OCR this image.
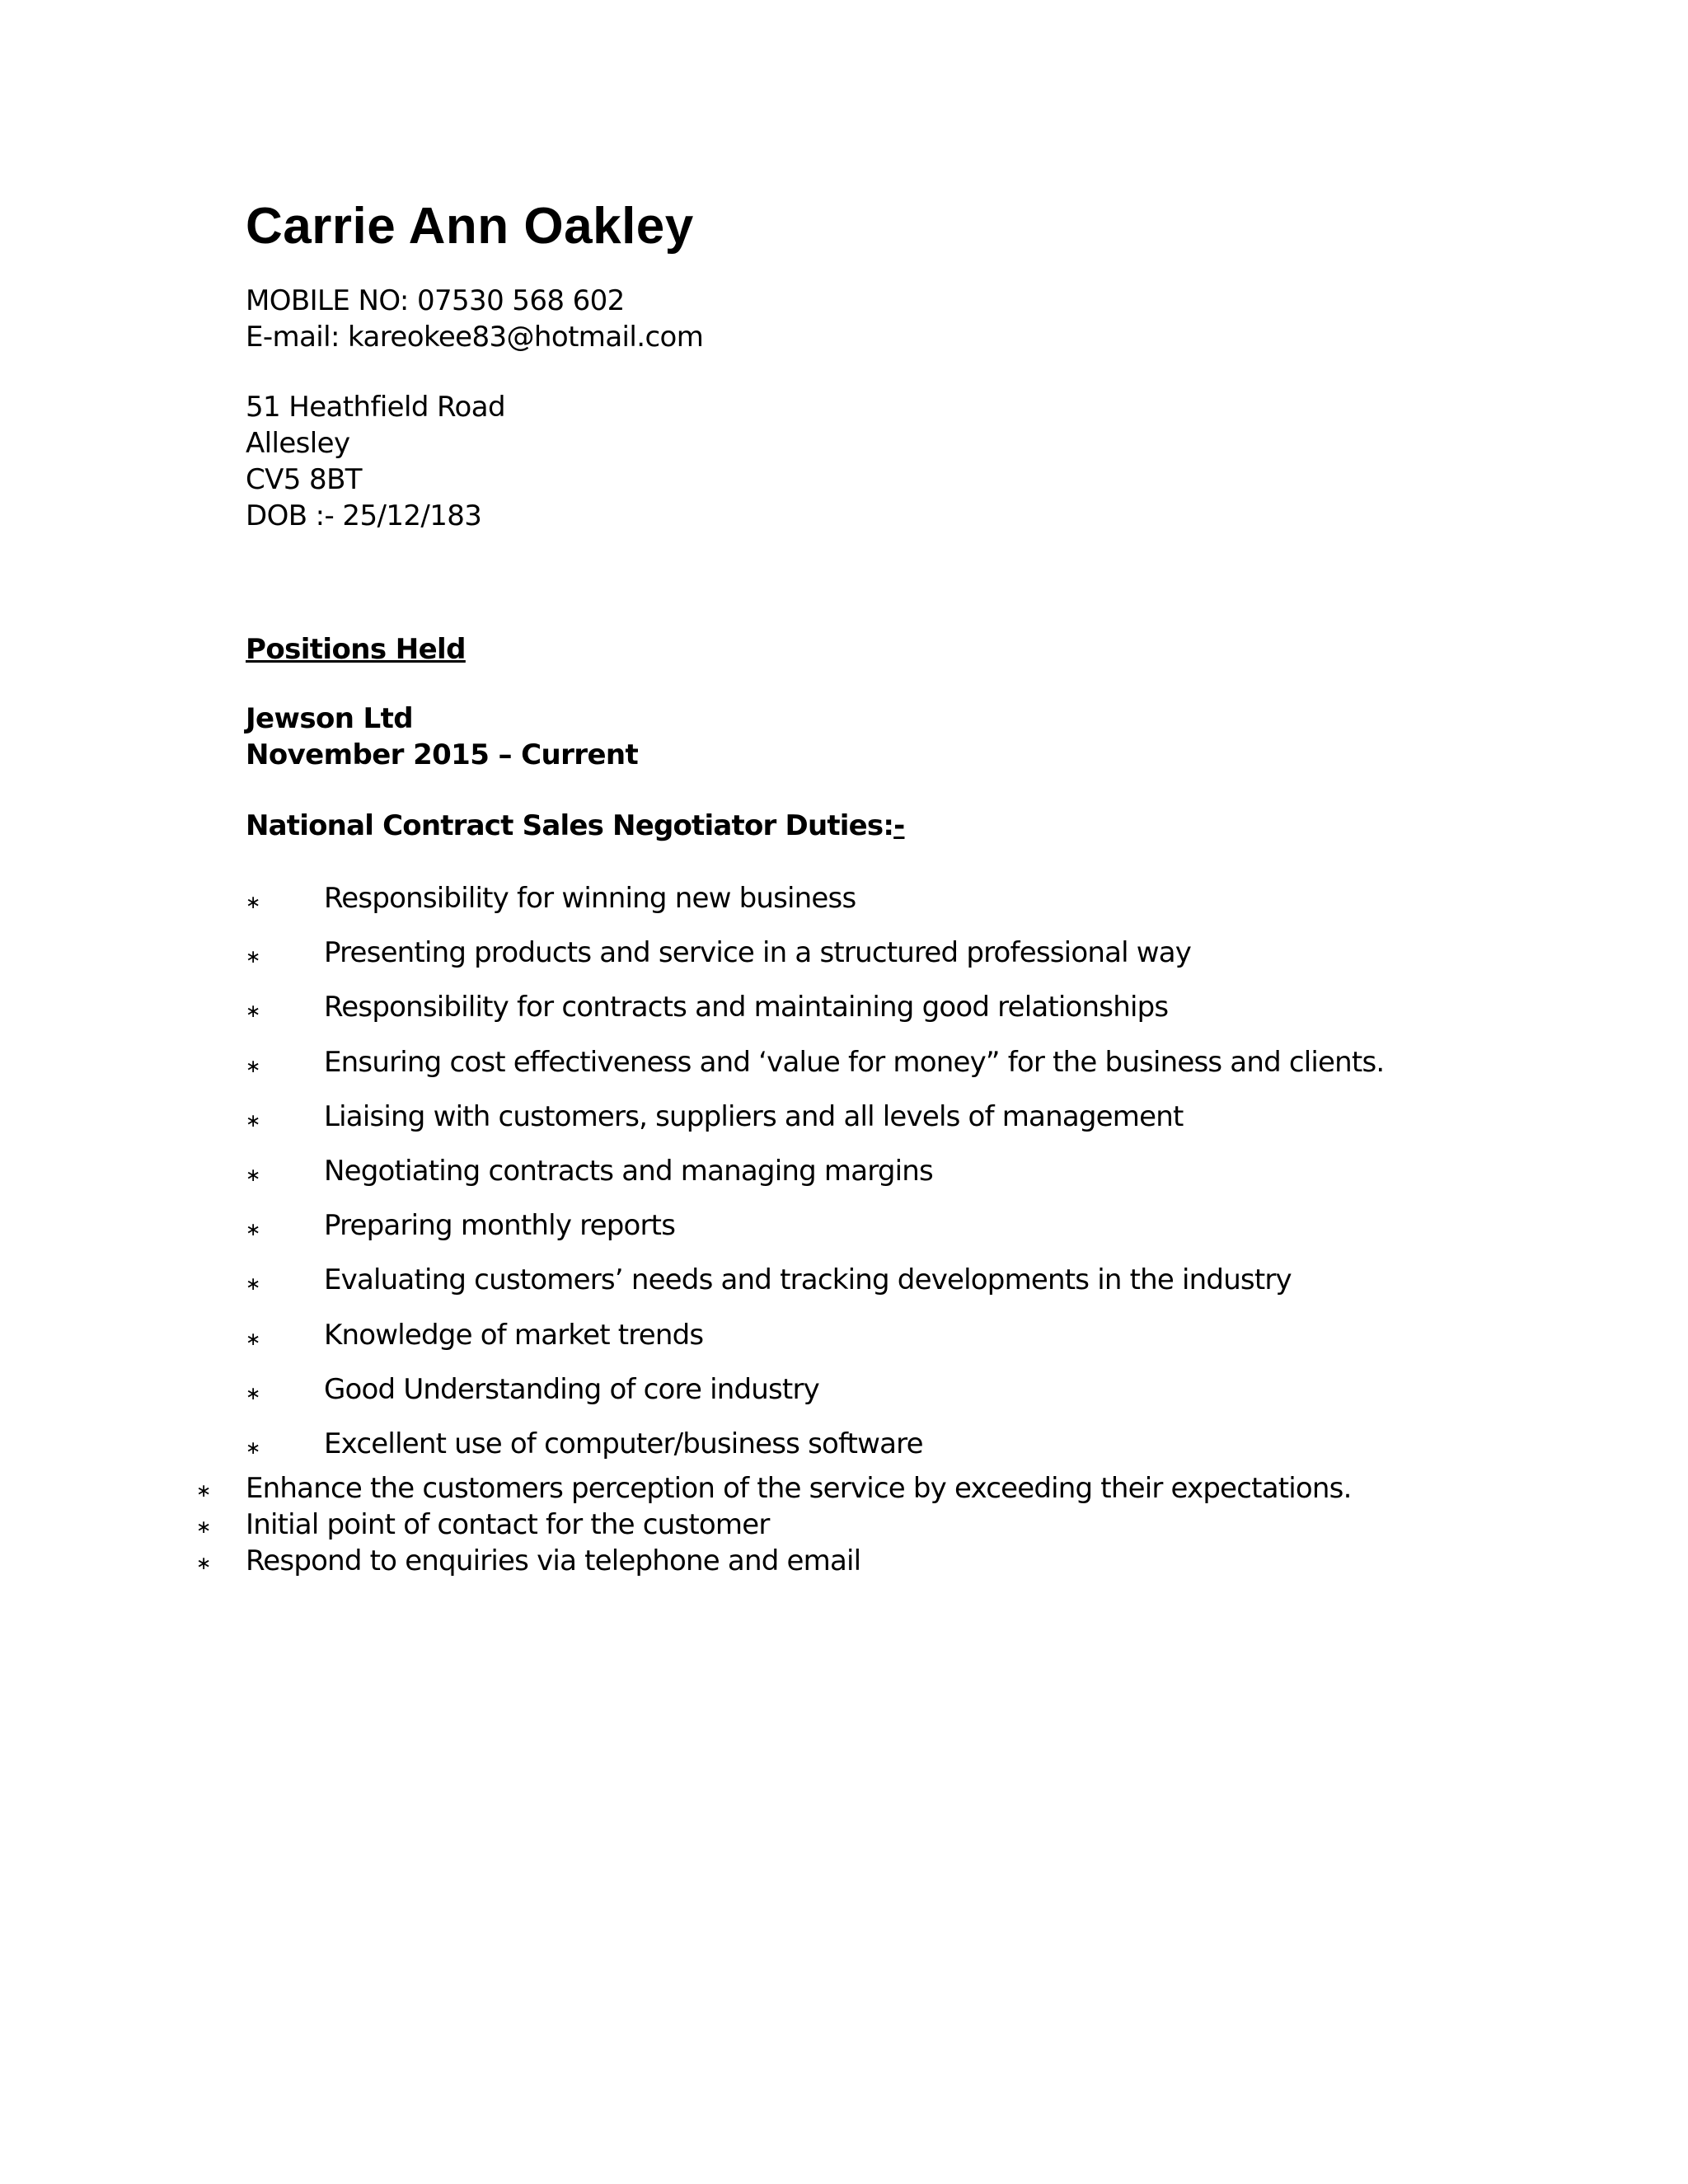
Carrie Ann Oakley
MOBILE NO: 07530 568 602
E-mail: kareokee83@hotmail.com
51 Heathfield Road
Allesley
CV5 8BT
DOB :- 25/12/183
Positions Held
Jewson Ltd
November 2015 – Current
National Contract Sales Negotiator Duties:-
∗ Responsibility for winning new business
∗ Presenting products and service in a structured professional way
∗ Responsibility for contracts and maintaining good relationships
∗ Ensuring cost effectiveness and ‘value for money” for the business and clients.
∗ Liaising with customers, suppliers and all levels of management
∗ Negotiating contracts and managing margins
∗ Preparing monthly reports
∗ Evaluating customers’ needs and tracking developments in the industry
∗ Knowledge of market trends
∗ Good Understanding of core industry
∗ Excellent use of computer/business software
∗ Enhance the customers perception of the service by exceeding their expectations.
∗ Initial point of contact for the customer
∗ Respond to enquiries via telephone and email
